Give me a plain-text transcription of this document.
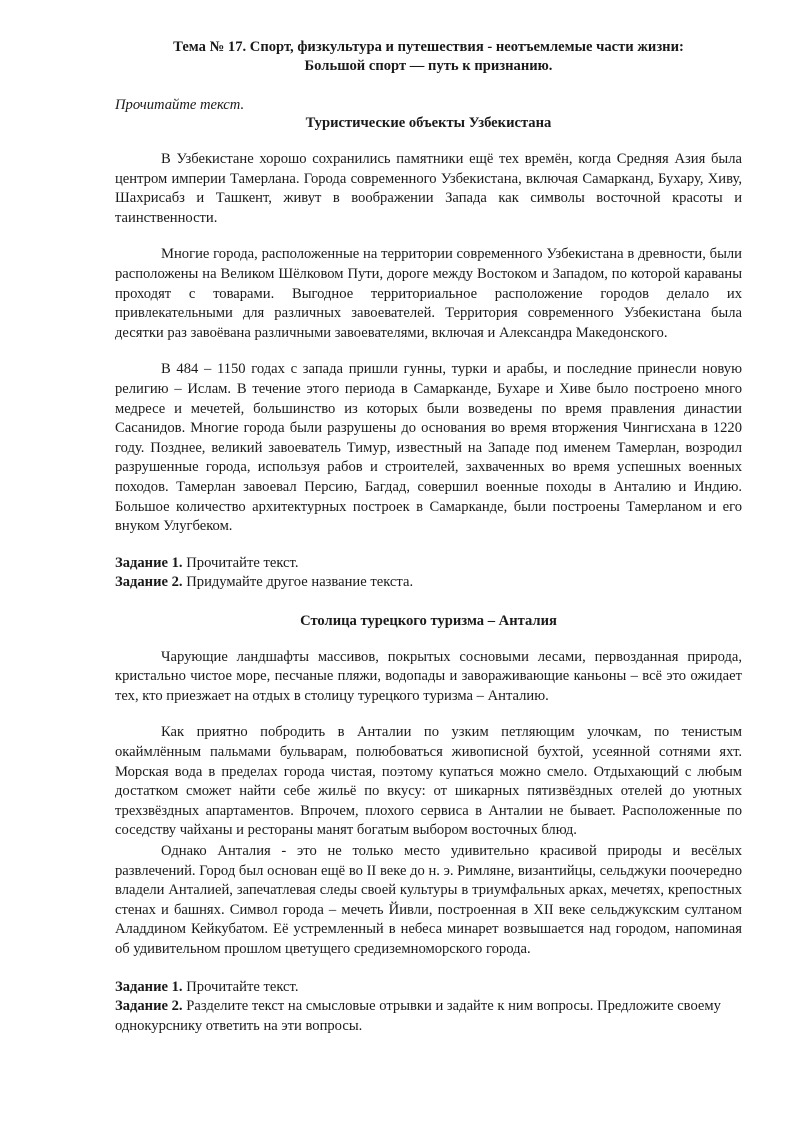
Тема № 17. Спорт, физкультура и путешествия - неотъемлемые части жизни:

Большой спорт — путь к признанию.

Прочитайте текст.

Туристические объекты Узбекистана

В Узбекистане хорошо сохранились памятники ещё тех времён, когда Средняя Азия была центром империи Тамерлана. Города современного Узбекистана, включая Самарканд, Бухару, Хиву, Шахрисабз и Ташкент, живут в воображении Запада как символы восточной красоты и таинственности.

Многие города, расположенные на территории современного Узбекистана в древности, были расположены на Великом Шёлковом Пути, дороге между Востоком и Западом, по которой караваны проходят с товарами. Выгодное территориальное расположение городов делало их привлекательными для различных завоевателей. Территория современного Узбекистана была десятки раз завоёвана различными завоевателями, включая и Александра Македонского.

В 484 – 1150 годах с запада пришли гунны, турки и арабы, и последние принесли новую религию – Ислам. В течение этого периода в Самарканде, Бухаре и Хиве было построено много медресе и мечетей, большинство из которых были возведены по время правления династии Сасанидов. Многие города были разрушены до основания во время вторжения Чингисхана в 1220 году. Позднее, великий завоеватель Тимур, известный на Западе под именем Тамерлан, возродил разрушенные города, используя рабов и строителей, захваченных во время успешных военных походов. Тамерлан завоевал Персию, Багдад, совершил военные походы в Анталию и Индию. Большое количество архитектурных построек в Самарканде, были построены Тамерланом и его внуком Улугбеком.

Задание 1. Прочитайте текст.

Задание 2. Придумайте другое название текста.

Столица турецкого туризма – Анталия

Чарующие ландшафты массивов, покрытых сосновыми лесами, первозданная природа, кристально чистое море, песчаные пляжи, водопады и завораживающие каньоны – всё это ожидает тех, кто приезжает на отдых в столицу турецкого туризма – Анталию.

Как приятно побродить в Анталии по узким петляющим улочкам, по тенистым окаймлённым пальмами бульварам, полюбоваться живописной бухтой, усеянной сотнями яхт. Морская вода в пределах города чистая, поэтому купаться можно смело. Отдыхающий с любым достатком сможет найти себе жильё по вкусу: от шикарных пятизвёздных отелей до уютных трехзвёздных апартаментов. Впрочем, плохого сервиса в Анталии не бывает. Расположенные по соседству чайханы и рестораны манят богатым выбором восточных блюд.

Однако Анталия - это не только место удивительно красивой природы и весёлых развлечений. Город был основан ещё во II веке до н. э. Римляне, византийцы, сельджуки поочередно владели Анталией, запечатлевая следы своей культуры в триумфальных арках, мечетях, крепостных стенах и башнях. Символ города – мечеть Йивли, построенная в XII веке сельджукским султаном Аладдином Кейкубатом. Её устремленный в небеса минарет возвышается над городом, напоминая об удивительном прошлом цветущего средиземноморского города.

Задание 1. Прочитайте текст.

Задание 2. Разделите текст на смысловые отрывки и задайте к ним вопросы. Предложите своему однокурснику ответить на эти вопросы.
